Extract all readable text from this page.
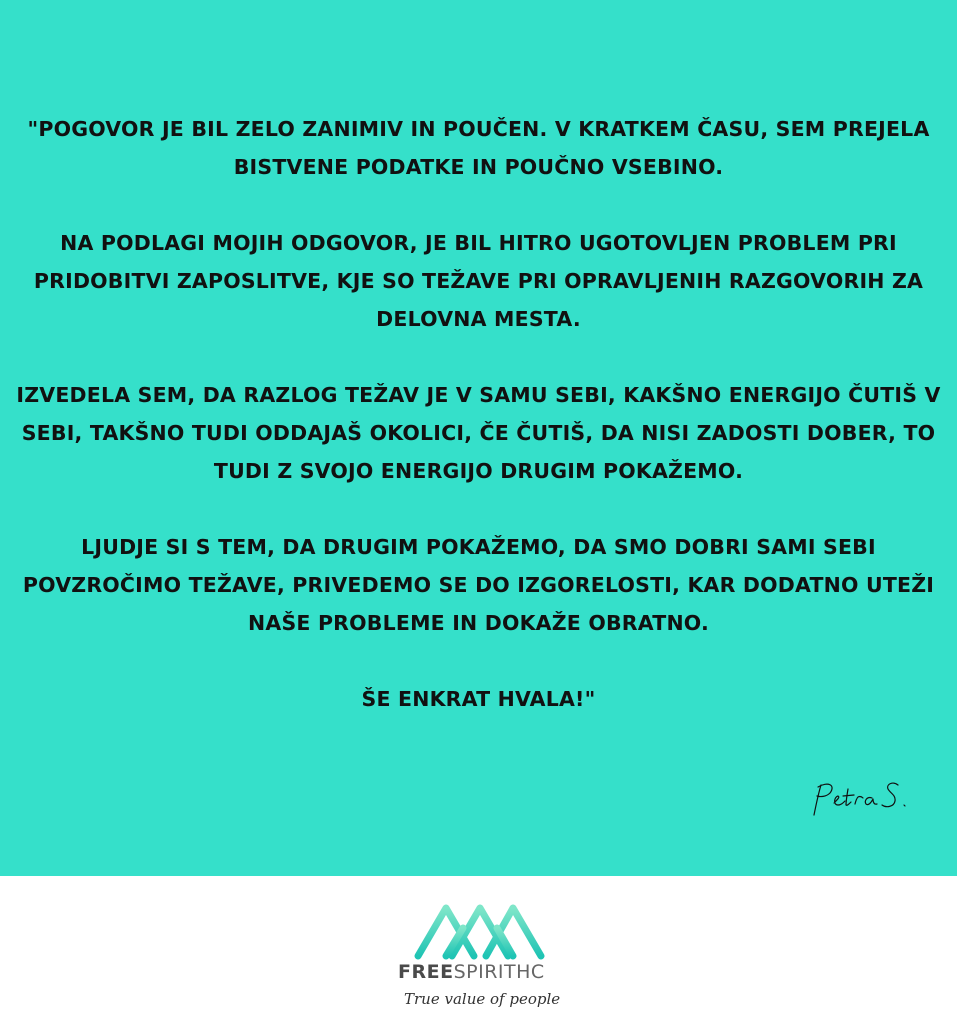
"POGOVOR JE BIL ZELO ZANIMIV IN POUČEN. V KRATKEM ČASU, SEM PREJELA BISTVENE PODATKE IN POUČNO VSEBINO.

NA PODLAGI MOJIH ODGOVOR, JE BIL HITRO UGOTOVLJEN PROBLEM PRI PRIDOBITVI ZAPOSLITVE, KJE SO TEŽAVE PRI OPRAVLJENIH RAZGOVORIH ZA DELOVNA MESTA.

IZVEDELA SEM, DA RAZLOG TEŽAV JE V SAMU SEBI, KAKŠNO ENERGIJO ČUTIŠ V SEBI, TAKŠNO TUDI ODDAJAŠ OKOLICI, ČE ČUTIŠ, DA NISI ZADOSTI DOBER, TO TUDI Z SVOJO ENERGIJO DRUGIM POKAŽEMO.

LJUDJE SI S TEM, DA DRUGIM POKAŽEMO, DA SMO DOBRI SAMI SEBI POVZROČIMO TEŽAVE, PRIVEDEMO SE DO IZGORELOSTI, KAR DODATNO UTEŽI NAŠE PROBLEME IN DOKAŽE OBRATNO.

ŠE ENKRAT HVALA!"

FREESPIRITHC
True value of people
